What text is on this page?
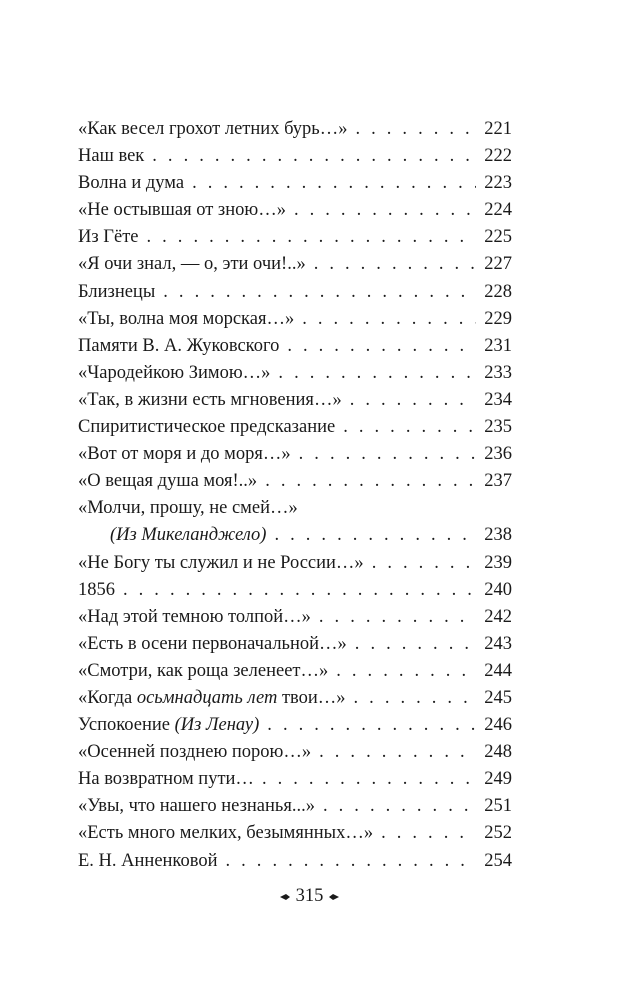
«Как весел грохот летних бурь…» . . .	221
Наш век . . .	222
Волна и дума . . .	223
«Не остывшая от зною…» . . .	224
Из Гёте . . .	225
«Я очи знал, — о, эти очи!..» . . .	227
Близнецы . . .	228
«Ты, волна моя морская…» . . .	229
Памяти В. А. Жуковского . . .	231
«Чародейкою Зимою…» . . .	233
«Так, в жизни есть мгновения…» . . .	234
Спиритистическое предсказание . . .	235
«Вот от моря и до моря…» . . .	236
«О вещая душа моя!..» . . .	237
«Молчи, прошу, не смей…»
(Из Микеланджело) . . .	238
«Не Богу ты служил и не России…» . . .	239
1856 . . .	240
«Над этой темною толпой…» . . .	242
«Есть в осени первоначальной…» . . .	243
«Смотри, как роща зеленеет…» . . .	244
«Когда осьмнадцать лет твои…» . . .	245
Успокоение (Из Ленау) . . .	246
«Осенней позднею порою…» . . .	248
На возвратном пути… . . .	249
«Увы, что нашего незнанья...» . . .	251
«Есть много мелких, безымянных…» . . .	252
Е. Н. Анненковой . . .	254
315
